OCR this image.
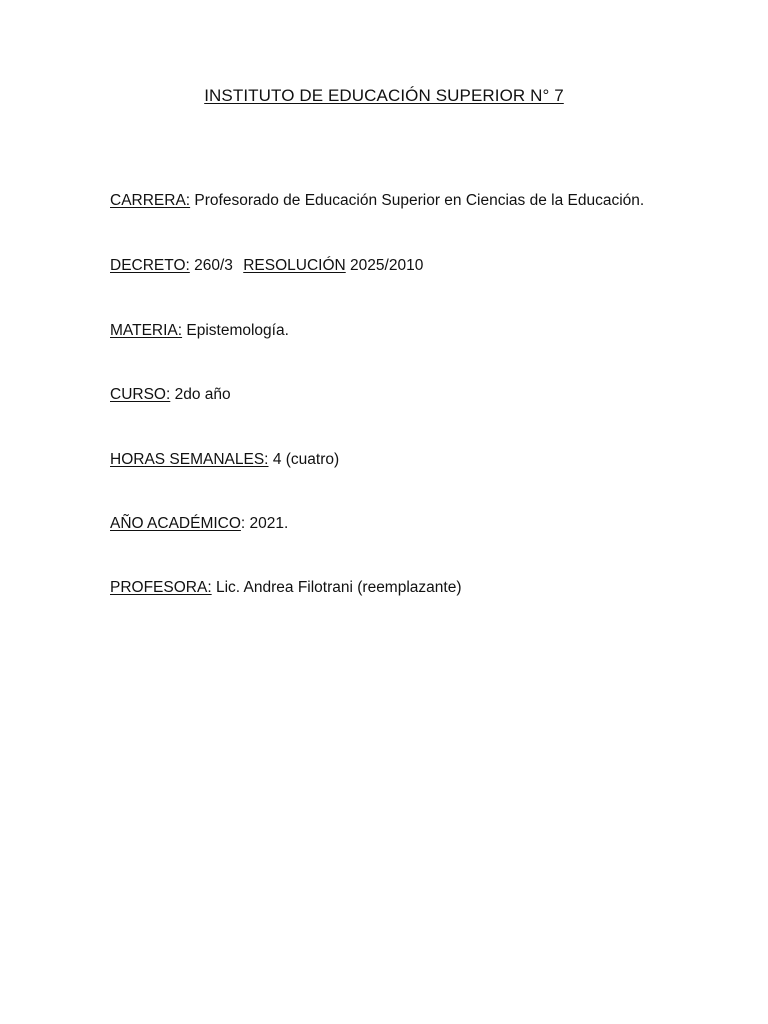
INSTITUTO DE EDUCACIÓN SUPERIOR N° 7
CARRERA: Profesorado de Educación Superior en Ciencias de la Educación.
DECRETO: 260/3 RESOLUCIÓN 2025/2010
MATERIA: Epistemología.
CURSO: 2do año
HORAS SEMANALES: 4 (cuatro)
AÑO ACADÉMICO: 2021.
PROFESORA: Lic. Andrea Filotrani (reemplazante)
